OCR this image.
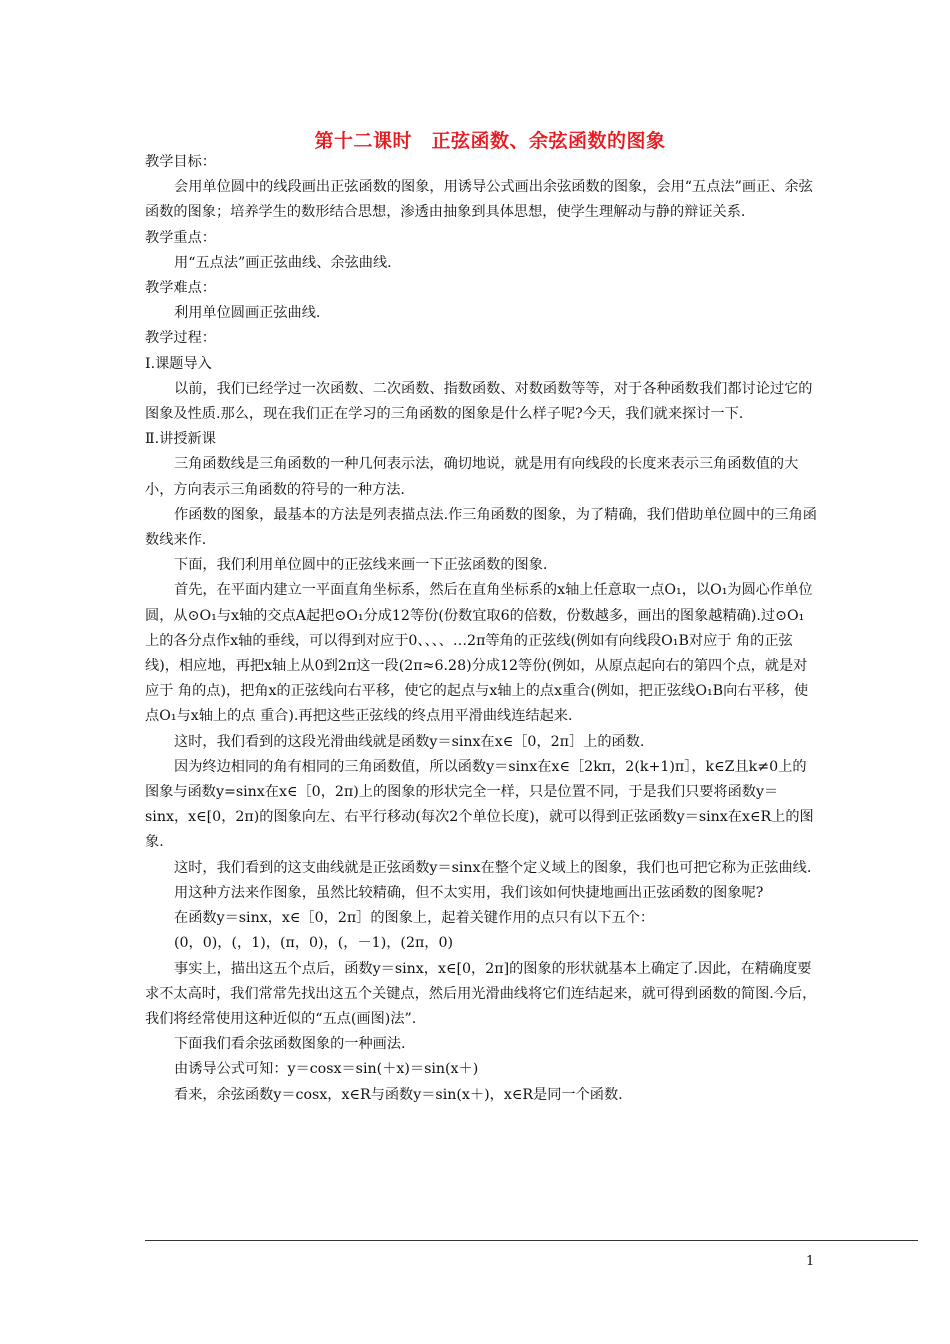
第十二课时　正弦函数、余弦函数的图象

教学目标：

会用单位圆中的线段画出正弦函数的图象，用诱导公式画出余弦函数的图象，会用“五点法”画正、余弦函数的图象；培养学生的数形结合思想，渗透由抽象到具体思想，使学生理解动与静的辩证关系.

教学重点：

用“五点法”画正弦曲线、余弦曲线.

教学难点：

利用单位圆画正弦曲线.

教学过程：

Ⅰ.课题导入

以前，我们已经学过一次函数、二次函数、指数函数、对数函数等等，对于各种函数我们都讨论过它的图象及性质.那么，现在我们正在学习的三角函数的图象是什么样子呢?今天，我们就来探讨一下.

Ⅱ.讲授新课

三角函数线是三角函数的一种几何表示法，确切地说，就是用有向线段的长度来表示三角函数值的大小，方向表示三角函数的符号的一种方法.

作函数的图象，最基本的方法是列表描点法.作三角函数的图象，为了精确，我们借助单位圆中的三角函数线来作.

下面，我们利用单位圆中的正弦线来画一下正弦函数的图象.

首先，在平面内建立一平面直角坐标系，然后在直角坐标系的x轴上任意取一点O₁，以O₁为圆心作单位圆，从⊙O₁与x轴的交点A起把⊙O₁分成12等份(份数宜取6的倍数，份数越多，画出的图象越精确).过⊙O₁上的各分点作x轴的垂线，可以得到对应于0、、、、…2π等角的正弦线(例如有向线段O₁B对应于 角的正弦线)，相应地，再把x轴上从0到2π这一段(2π≈6.28)分成12等份(例如，从原点起向右的第四个点，就是对应于 角的点)，把角x的正弦线向右平移，使它的起点与x轴上的点x重合(例如，把正弦线O₁B向右平移，使点O₁与x轴上的点 重合).再把这些正弦线的终点用平滑曲线连结起来.

这时，我们看到的这段光滑曲线就是函数y＝sinx在x∈［0，2π］上的函数.

因为终边相同的角有相同的三角函数值，所以函数y＝sinx在x∈［2kπ，2(k+1)π］，k∈Z且k≠0上的图象与函数y=sinx在x∈［0，2π)上的图象的形状完全一样，只是位置不同，于是我们只要将函数y＝sinx，x∈[0，2π)的图象向左、右平行移动(每次2个单位长度)，就可以得到正弦函数y＝sinx在x∈R上的图象.

这时，我们看到的这支曲线就是正弦函数y＝sinx在整个定义域上的图象，我们也可把它称为正弦曲线.

用这种方法来作图象，虽然比较精确，但不太实用，我们该如何快捷地画出正弦函数的图象呢?

在函数y＝sinx，x∈［0，2π］的图象上，起着关键作用的点只有以下五个：

(0，0)，(，1)，(π，0)，(，－1)，(2π，0)

事实上，描出这五个点后，函数y＝sinx，x∈[0，2π]的图象的形状就基本上确定了.因此，在精确度要求不太高时，我们常常先找出这五个关键点，然后用光滑曲线将它们连结起来，就可得到函数的简图.今后，我们将经常使用这种近似的“五点(画图)法”.

下面我们看余弦函数图象的一种画法.

由诱导公式可知：y＝cosx＝sin(＋x)＝sin(x＋)

看来，余弦函数y＝cosx，x∈R与函数y＝sin(x＋)，x∈R是同一个函数.

1
